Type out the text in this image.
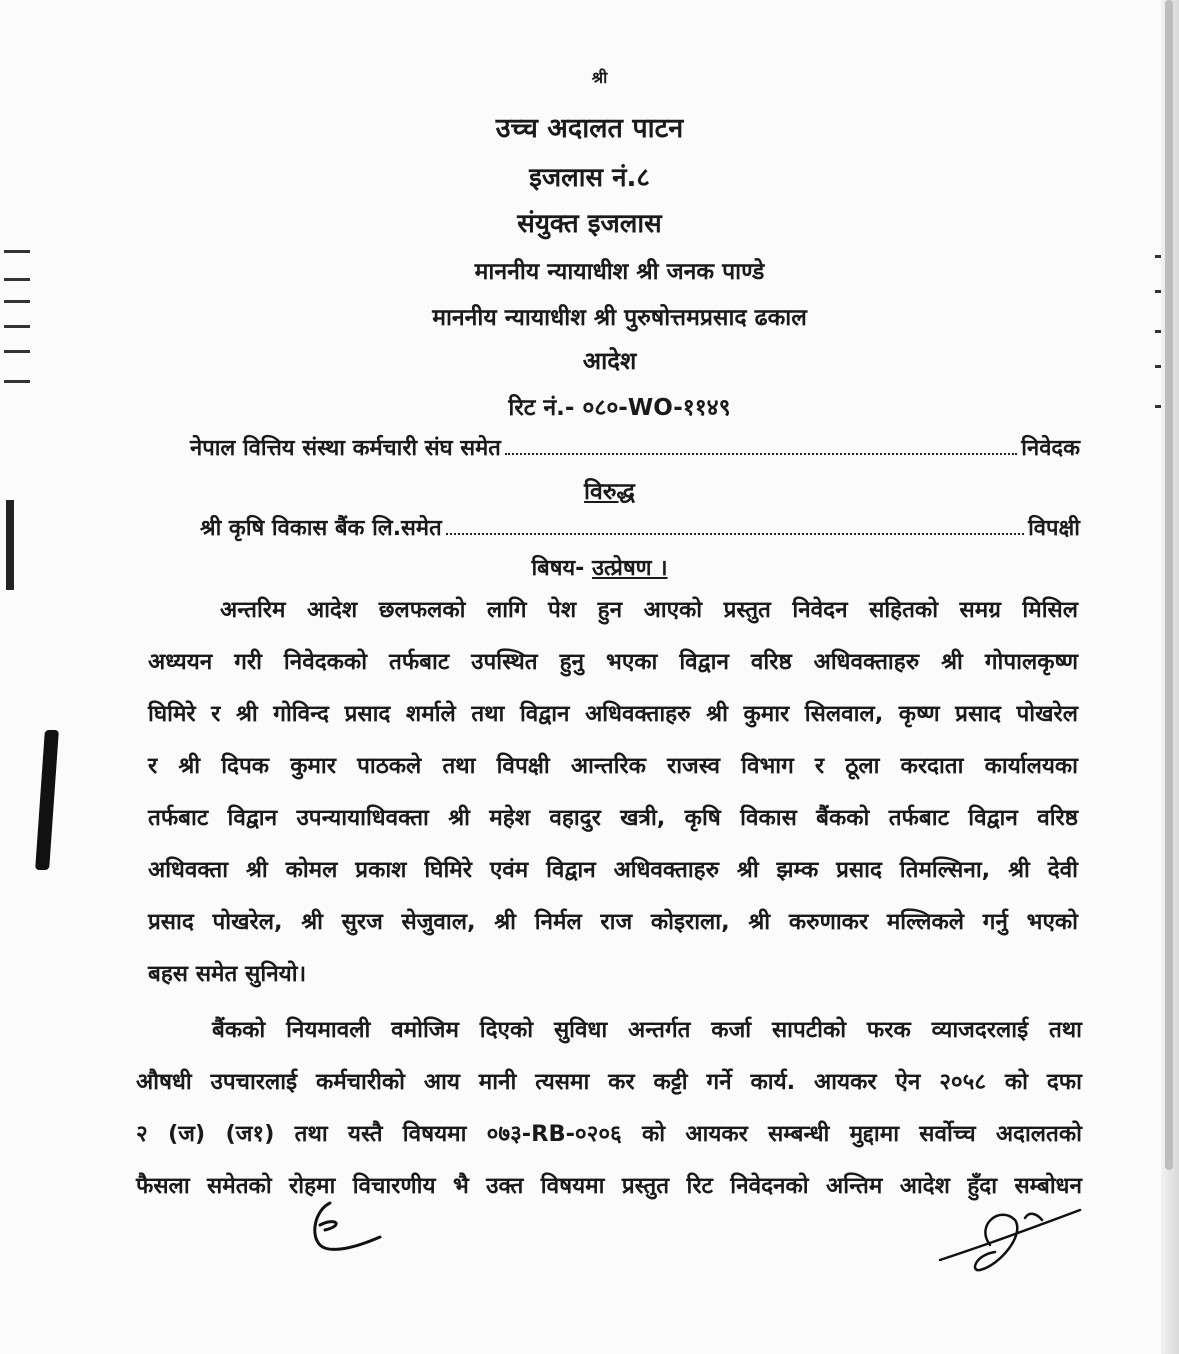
श्री
उच्च अदालत पाटन
इजलास नं.८
संयुक्त इजलास
माननीय न्यायाधीश श्री जनक पाण्डे
माननीय न्यायाधीश श्री पुरुषोत्तमप्रसाद ढकाल
आदेश
रिट नं.- ०८०-WO-११४९
नेपाल वित्तिय संस्था कर्मचारी संघ समेत	निवेदक
विरुद्ध
श्री कृषि विकास बैंक लि.समेत	विपक्षी
बिषय- उत्प्रेषण ।
अन्तरिम आदेश छलफलको लागि पेश हुन आएको प्रस्तुत निवेदन सहितको समग्र मिसिल
अध्ययन गरी निवेदकको तर्फबाट उपस्थित हुनु भएका विद्वान वरिष्ठ अधिवक्ताहरु श्री गोपालकृष्ण
घिमिरे र श्री गोविन्द प्रसाद शर्माले तथा विद्वान अधिवक्ताहरु श्री कुमार सिलवाल, कृष्ण प्रसाद पोखरेल
र श्री दिपक कुमार पाठकले तथा विपक्षी आन्तरिक राजस्व विभाग र ठूला करदाता कार्यालयका
तर्फबाट विद्वान उपन्यायाधिवक्ता श्री महेश वहादुर खत्री, कृषि विकास बैंकको तर्फबाट विद्वान वरिष्ठ
अधिवक्ता श्री कोमल प्रकाश घिमिरे एवंम विद्वान अधिवक्ताहरु श्री झम्क प्रसाद तिमल्सिना, श्री देवी
प्रसाद पोखरेल, श्री सुरज सेजुवाल, श्री निर्मल राज कोइराला, श्री करुणाकर मल्लिकले गर्नु भएको
बहस समेत सुनियो।
बैंकको नियमावली वमोजिम दिएको सुविधा अन्तर्गत कर्जा सापटीको फरक व्याजदरलाई तथा
औषधी उपचारलाई कर्मचारीको आय मानी त्यसमा कर कट्टी गर्ने कार्य. आयकर ऐन २०५८ को दफा
२ (ज) (ज१) तथा यस्तै विषयमा ०७३-RB-०२०६ को आयकर सम्बन्धी मुद्दामा सर्वोच्च अदालतको
फैसला समेतको रोहमा विचारणीय भै उक्त विषयमा प्रस्तुत रिट निवेदनको अन्तिम आदेश हुँदा सम्बोधन
